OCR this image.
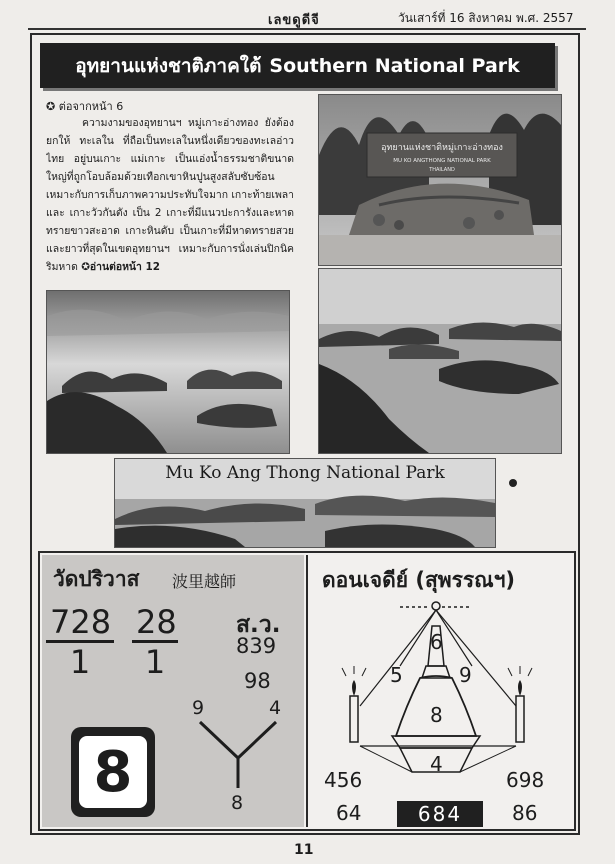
เลขดูดีจี	วันเสาร์ที่ 16 สิงหาคม พ.ศ. 2557
อุทยานแห่งชาติภาคใต้ Southern National Park
✪ ต่อจากหน้า 6
ความงามของอุทยานฯ หมู่เกาะอ่างทอง ยังต้องยกให้ ทะเลใน ที่ถือเป็นทะเลในหนึ่งเดียวของทะเลอ่าวไทย อยู่บนเกาะ แม่เกาะ เป็นแอ่งน้ำธรรมชาติขนาดใหญ่ที่ถูกโอบล้อมด้วยเทือกเขาหินปูนสูงสลับซับซ้อน เหมาะกับการเก็บภาพความประทับใจมาก เกาะท้ายเพลา และ เกาะวัวกันตัง เป็น 2 เกาะที่มีแนวปะการังและหาดทรายขาวสะอาด เกาะหินดับ เป็นเกาะที่มีหาดทรายสวยและยาวที่สุดในเขตอุทยานฯ เหมาะกับการนั่งเล่นปิกนิคริมหาด ✪อ่านต่อหน้า 12
อุทยานแห่งชาติหมู่เกาะอ่างทอง
MU KO ANGTHONG NATIONAL PARK
THAILAND
Mu Ko Ang Thong National Park
วัดปริวาส 波里越師
$\frac{728}{1} \frac{28}{1}$	ส.ว.
839
98
8
9	4
8
ดอนเจดีย์ (สุพรรณฯ)
6
5	9
8
4
456	698
64	684	86
11
